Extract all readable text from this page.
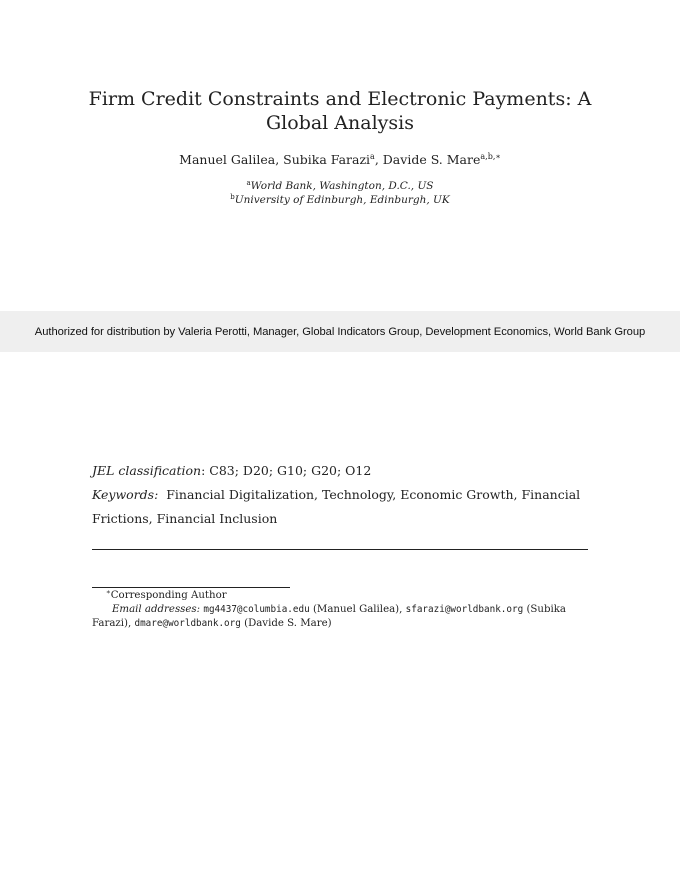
Firm Credit Constraints and Electronic Payments: A Global Analysis
Manuel Galilea, Subika Farazi$^a$, Davide S. Mare$^{a,b,∗}$
$^a$World Bank, Washington, D.C., US
$^b$University of Edinburgh, Edinburgh, UK
Authorized for distribution by Valeria Perotti, Manager, Global Indicators Group, Development Economics, World Bank Group
JEL classification: C83; D20; G10; G20; O12
Keywords: Financial Digitalization, Technology, Economic Growth, Financial Frictions, Financial Inclusion
∗Corresponding Author
Email addresses: mg4437@columbia.edu (Manuel Galilea), sfarazi@worldbank.org (Subika Farazi), dmare@worldbank.org (Davide S. Mare)
